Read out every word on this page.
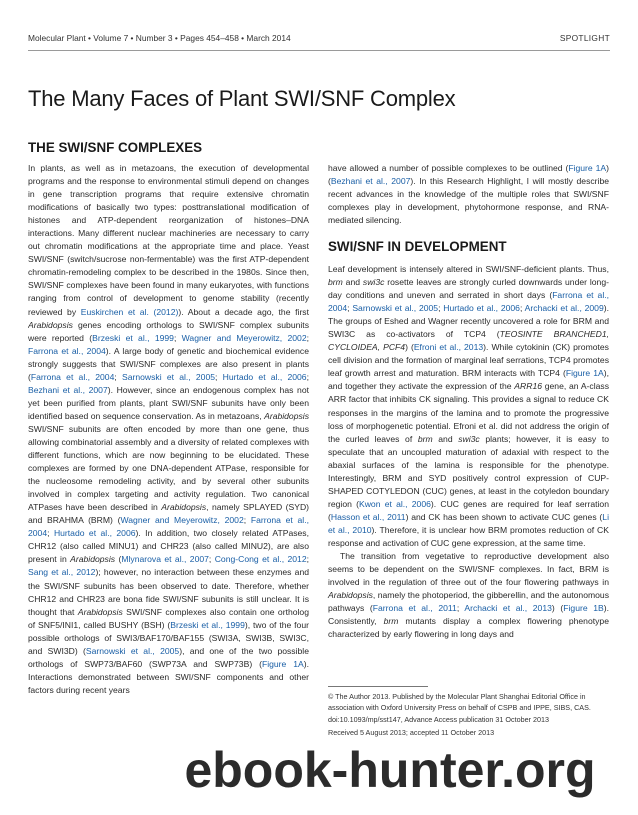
Molecular Plant • Volume 7 • Number 3 • Pages 454–458 • March 2014	SPOTLIGHT
The Many Faces of Plant SWI/SNF Complex
THE SWI/SNF COMPLEXES
In plants, as well as in metazoans, the execution of developmental programs and the response to environmental stimuli depend on changes in gene transcription programs that require extensive chromatin modifications of basically two types: posttranslational modification of histones and ATP-dependent reorganization of histones–DNA interactions. Many different nuclear machineries are necessary to carry out chromatin modifications at the appropriate time and place. Yeast SWI/SNF (switch/sucrose non-fermentable) was the first ATP-dependent chromatin-remodeling complex to be described in the 1980s. Since then, SWI/SNF complexes have been found in many eukaryotes, with functions ranging from control of development to genome stability (recently reviewed by Euskirchen et al. (2012)). About a decade ago, the first Arabidopsis genes encoding orthologs to SWI/SNF complex subunits were reported (Brzeski et al., 1999; Wagner and Meyerowitz, 2002; Farrona et al., 2004). A large body of genetic and biochemical evidence strongly suggests that SWI/SNF complexes are also present in plants (Farrona et al., 2004; Sarnowski et al., 2005; Hurtado et al., 2006; Bezhani et al., 2007). However, since an endogenous complex has not yet been purified from plants, plant SWI/SNF subunits have only been identified based on sequence conservation. As in metazoans, Arabidopsis SWI/SNF subunits are often encoded by more than one gene, thus allowing combinatorial assembly and a diversity of related complexes with different functions, which are now beginning to be elucidated. These complexes are formed by one DNA-dependent ATPase, responsible for the nucleosome remodeling activity, and by several other subunits involved in complex targeting and activity regulation. Two canonical ATPases have been described in Arabidopsis, namely SPLAYED (SYD) and BRAHMA (BRM) (Wagner and Meyerowitz, 2002; Farrona et al., 2004; Hurtado et al., 2006). In addition, two closely related ATPases, CHR12 (also called MINU1) and CHR23 (also called MINU2), are also present in Arabidopsis (Mlynarova et al., 2007; Cong-Cong et al., 2012; Sang et al., 2012); however, no interaction between these enzymes and the SWI/SNF subunits has been observed to date. Therefore, whether CHR12 and CHR23 are bona fide SWI/SNF subunits is still unclear. It is thought that Arabidopsis SWI/SNF complexes also contain one ortholog of SNF5/INI1, called BUSHY (BSH) (Brzeski et al., 1999), two of the four possible orthologs of SWI3/BAF170/BAF155 (SWI3A, SWI3B, SWI3C, and SWI3D) (Sarnowski et al., 2005), and one of the two possible orthologs of SWP73/BAF60 (SWP73A and SWP73B) (Figure 1A). Interactions demonstrated between SWI/SNF components and other factors during recent years
have allowed a number of possible complexes to be outlined (Figure 1A) (Bezhani et al., 2007). In this Research Highlight, I will mostly describe recent advances in the knowledge of the multiple roles that SWI/SNF complexes play in development, phytohormone response, and RNA-mediated silencing.
SWI/SNF IN DEVELOPMENT

Leaf development is intensely altered in SWI/SNF-deficient plants. Thus, brm and swi3c rosette leaves are strongly curled downwards under long-day conditions and uneven and serrated in short days (Farrona et al., 2004; Sarnowski et al., 2005; Hurtado et al., 2006; Archacki et al., 2009). The groups of Eshed and Wagner recently uncovered a role for BRM and SWI3C as co-activators of TCP4 (TEOSINTE BRANCHED1, CYCLOIDEA, PCF4) (Efroni et al., 2013). While cytokinin (CK) promotes cell division and the formation of marginal leaf serrations, TCP4 promotes leaf growth arrest and maturation. BRM interacts with TCP4 (Figure 1A), and together they activate the expression of the ARR16 gene, an A-class ARR factor that inhibits CK signaling. This provides a signal to reduce CK responses in the margins of the lamina and to promote the progressive loss of morphogenetic potential. Efroni et al. did not address the origin of the curled leaves of brm and swi3c plants; however, it is easy to speculate that an uncoupled maturation of adaxial with respect to the abaxial surfaces of the lamina is responsible for the phenotype. Interestingly, BRM and SYD positively control expression of CUP-SHAPED COTYLEDON (CUC) genes, at least in the cotyledon boundary region (Kwon et al., 2006). CUC genes are required for leaf serration (Hasson et al., 2011) and CK has been shown to activate CUC genes (Li et al., 2010). Therefore, it is unclear how BRM promotes reduction of CK response and activation of CUC gene expression, at the same time.

The transition from vegetative to reproductive development also seems to be dependent on the SWI/SNF complexes. In fact, BRM is involved in the regulation of three out of the four flowering pathways in Arabidopsis, namely the photoperiod, the gibberellin, and the autonomous pathways (Farrona et al., 2011; Archacki et al., 2013) (Figure 1B). Consistently, brm mutants display a complex flowering phenotype characterized by early flowering in long days and

© The Author 2013. Published by the Molecular Plant Shanghai Editorial Office in association with Oxford University Press on behalf of CSPB and IPPE, SIBS, CAS.
doi:10.1093/mp/sst147, Advance Access publication 31 October 2013
Received 5 August 2013; accepted 11 October 2013
ebook-hunter.org
